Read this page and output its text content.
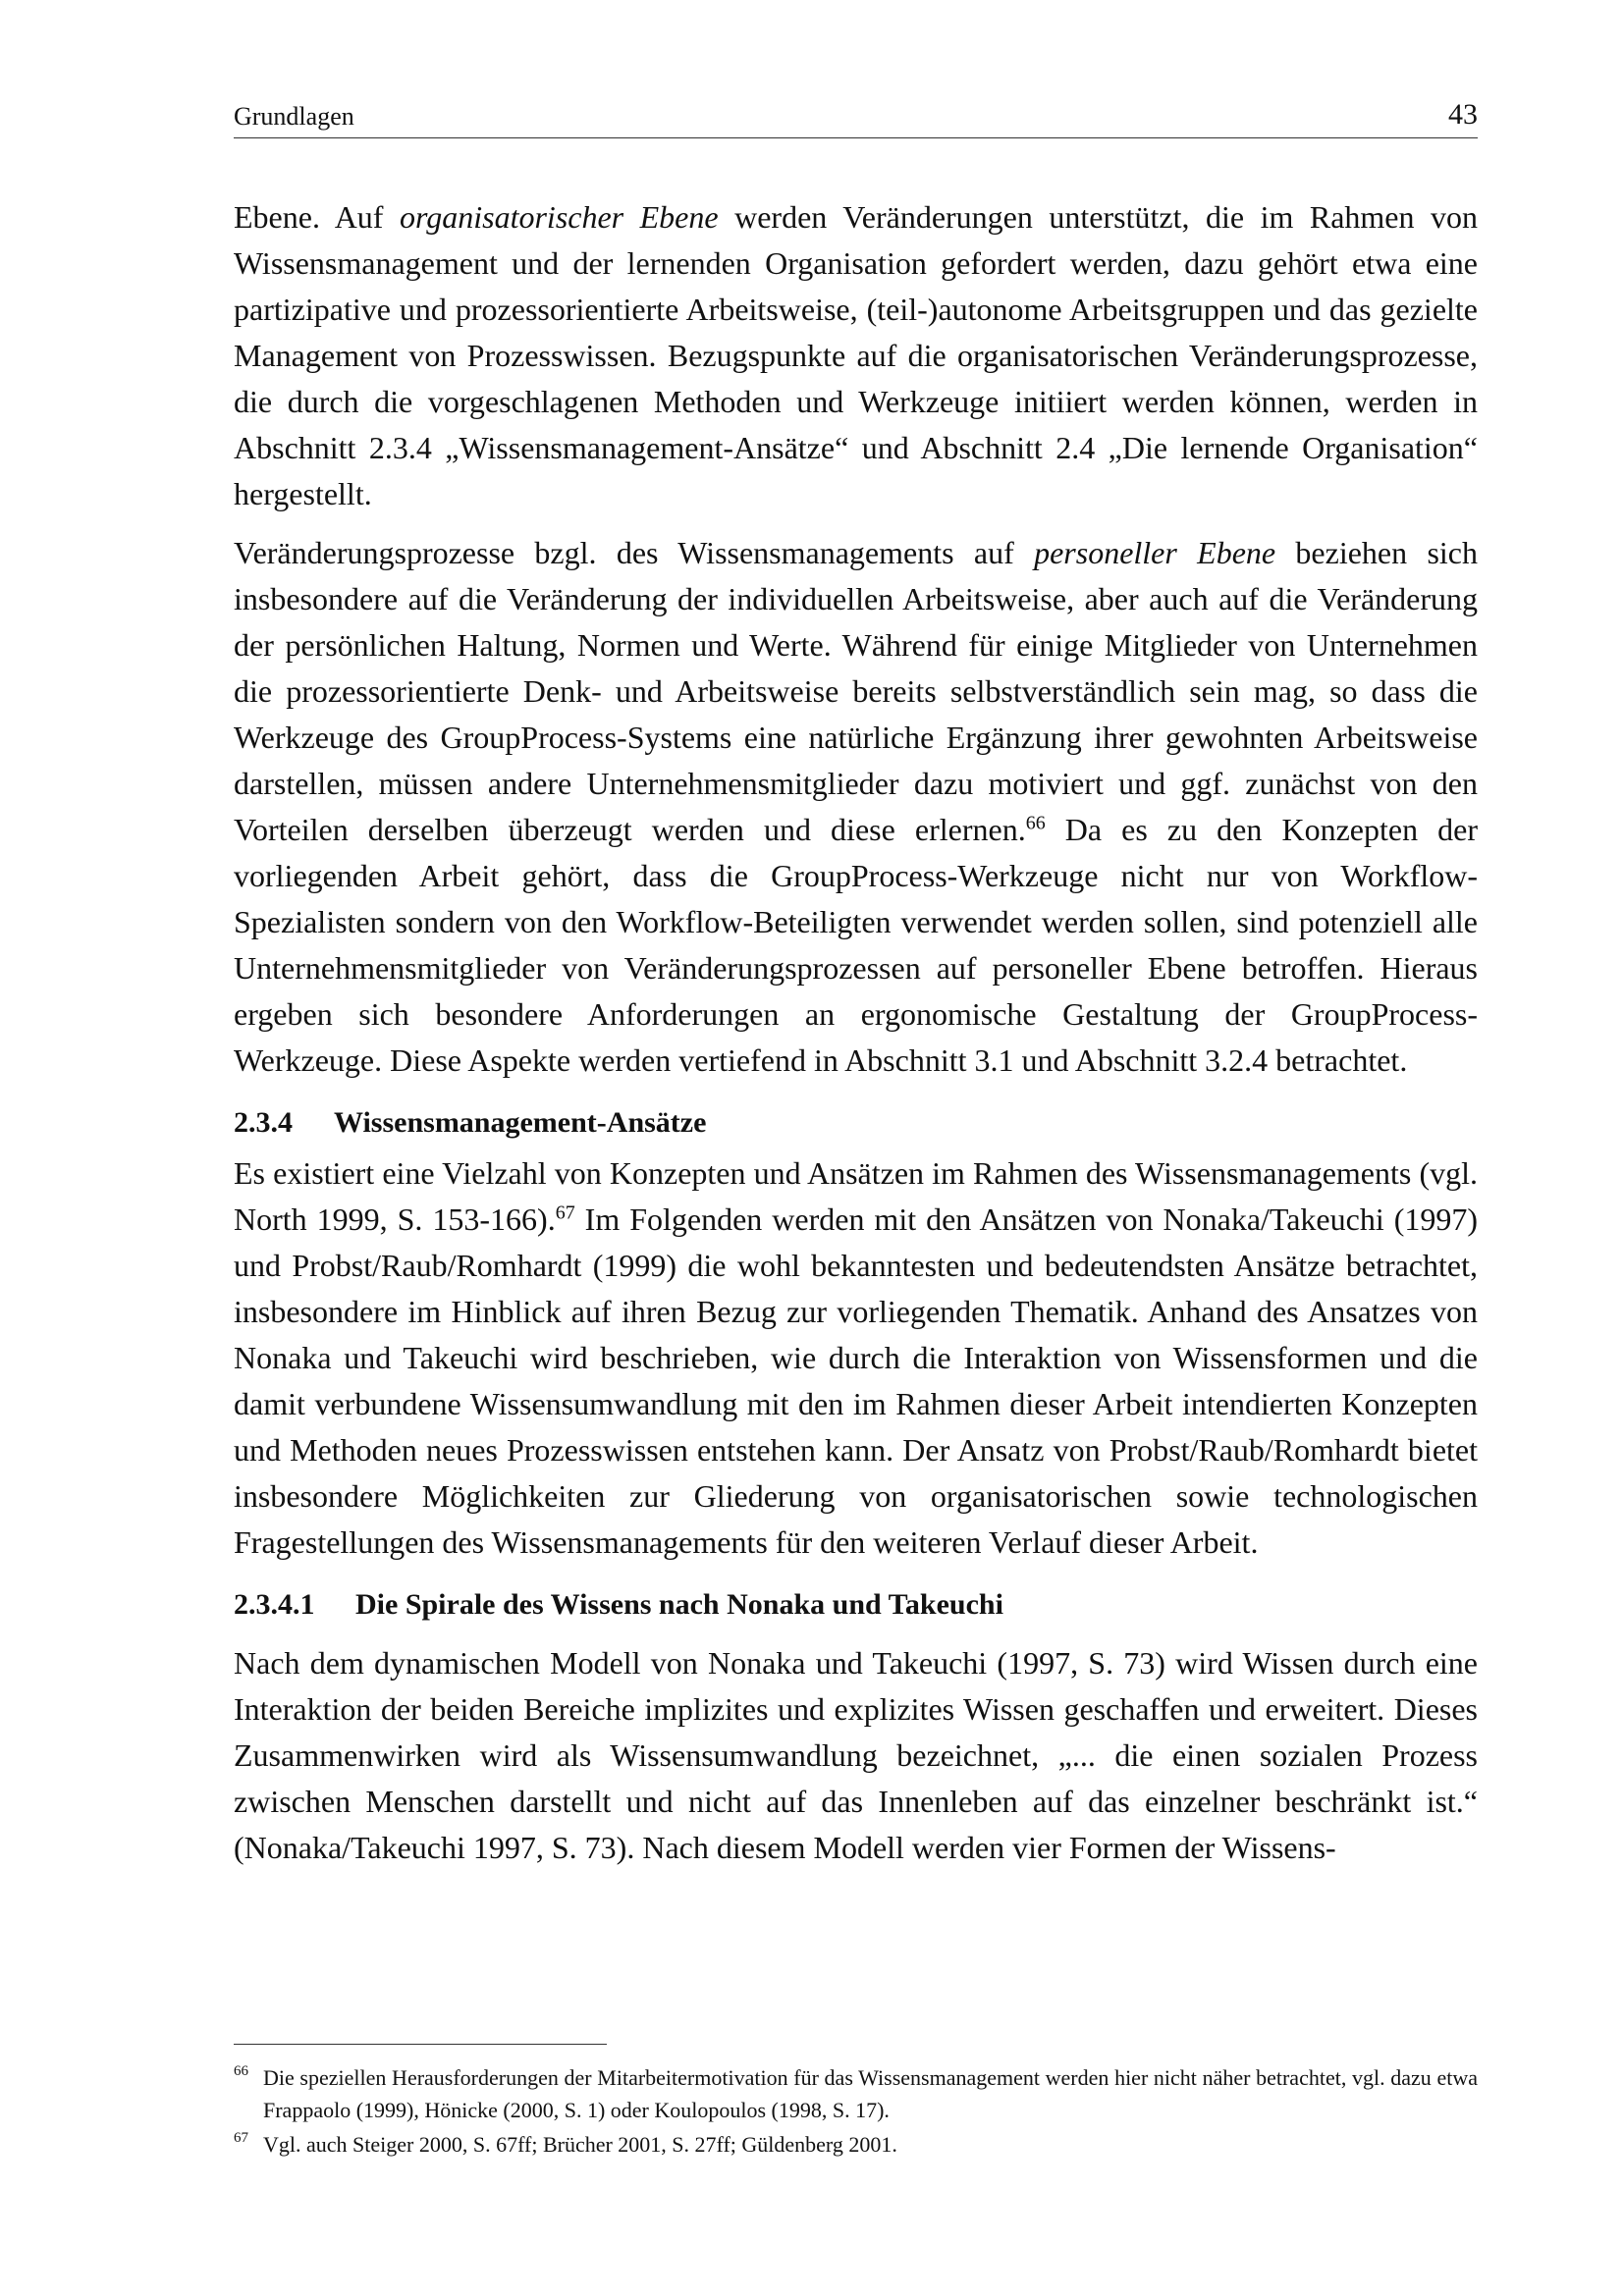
Grundlagen	43

Ebene. Auf organisatorischer Ebene werden Veränderungen unterstützt, die im Rahmen von Wissensmanagement und der lernenden Organisation gefordert werden, dazu gehört etwa eine partizipative und prozessorientierte Arbeitsweise, (teil-)autonome Arbeitsgruppen und das gezielte Management von Prozesswissen. Bezugspunkte auf die organisatorischen Veränderungsprozesse, die durch die vorgeschlagenen Methoden und Werkzeuge initiiert werden können, werden in Abschnitt 2.3.4 „Wissensmanagement-Ansätze“ und Abschnitt 2.4 „Die lernende Organisation“ hergestellt.

Veränderungsprozesse bzgl. des Wissensmanagements auf personeller Ebene beziehen sich insbesondere auf die Veränderung der individuellen Arbeitsweise, aber auch auf die Veränderung der persönlichen Haltung, Normen und Werte. Während für einige Mitglieder von Unternehmen die prozessorientierte Denk- und Arbeitsweise bereits selbstverständlich sein mag, so dass die Werkzeuge des GroupProcess-Systems eine natürliche Ergänzung ihrer gewohnten Arbeitsweise darstellen, müssen andere Unternehmensmitglieder dazu motiviert und ggf. zunächst von den Vorteilen derselben überzeugt werden und diese erlernen.$^{66}$ Da es zu den Konzepten der vorliegenden Arbeit gehört, dass die GroupProcess-Werkzeuge nicht nur von Workflow-Spezialisten sondern von den Workflow-Beteiligten verwendet werden sollen, sind potenziell alle Unternehmensmitglieder von Veränderungsprozessen auf personeller Ebene betroffen. Hieraus ergeben sich besondere Anforderungen an ergonomische Gestaltung der GroupProcess-Werkzeuge. Diese Aspekte werden vertiefend in Abschnitt 3.1 und Abschnitt 3.2.4 betrachtet.

2.3.4 Wissensmanagement-Ansätze

Es existiert eine Vielzahl von Konzepten und Ansätzen im Rahmen des Wissensmanagements (vgl. North 1999, S. 153-166).$^{67}$ Im Folgenden werden mit den Ansätzen von Nonaka/Takeuchi (1997) und Probst/Raub/Romhardt (1999) die wohl bekanntesten und bedeutendsten Ansätze betrachtet, insbesondere im Hinblick auf ihren Bezug zur vorliegenden Thematik. Anhand des Ansatzes von Nonaka und Takeuchi wird beschrieben, wie durch die Interaktion von Wissensformen und die damit verbundene Wissensumwandlung mit den im Rahmen dieser Arbeit intendierten Konzepten und Methoden neues Prozesswissen entstehen kann. Der Ansatz von Probst/Raub/Romhardt bietet insbesondere Möglichkeiten zur Gliederung von organisatorischen sowie technologischen Fragestellungen des Wissensmanagements für den weiteren Verlauf dieser Arbeit.

2.3.4.1 Die Spirale des Wissens nach Nonaka und Takeuchi

Nach dem dynamischen Modell von Nonaka und Takeuchi (1997, S. 73) wird Wissen durch eine Interaktion der beiden Bereiche implizites und explizites Wissen geschaffen und erweitert. Dieses Zusammenwirken wird als Wissensumwandlung bezeichnet, „... die einen sozialen Prozess zwischen Menschen darstellt und nicht auf das Innenleben auf das einzelner beschränkt ist.“ (Nonaka/Takeuchi 1997, S. 73). Nach diesem Modell werden vier Formen der Wissens-

66 Die speziellen Herausforderungen der Mitarbeitermotivation für das Wissensmanagement werden hier nicht näher betrachtet, vgl. dazu etwa Frappaolo (1999), Hönicke (2000, S. 1) oder Koulopoulos (1998, S. 17).
67 Vgl. auch Steiger 2000, S. 67ff; Brücher 2001, S. 27ff; Güldenberg 2001.
